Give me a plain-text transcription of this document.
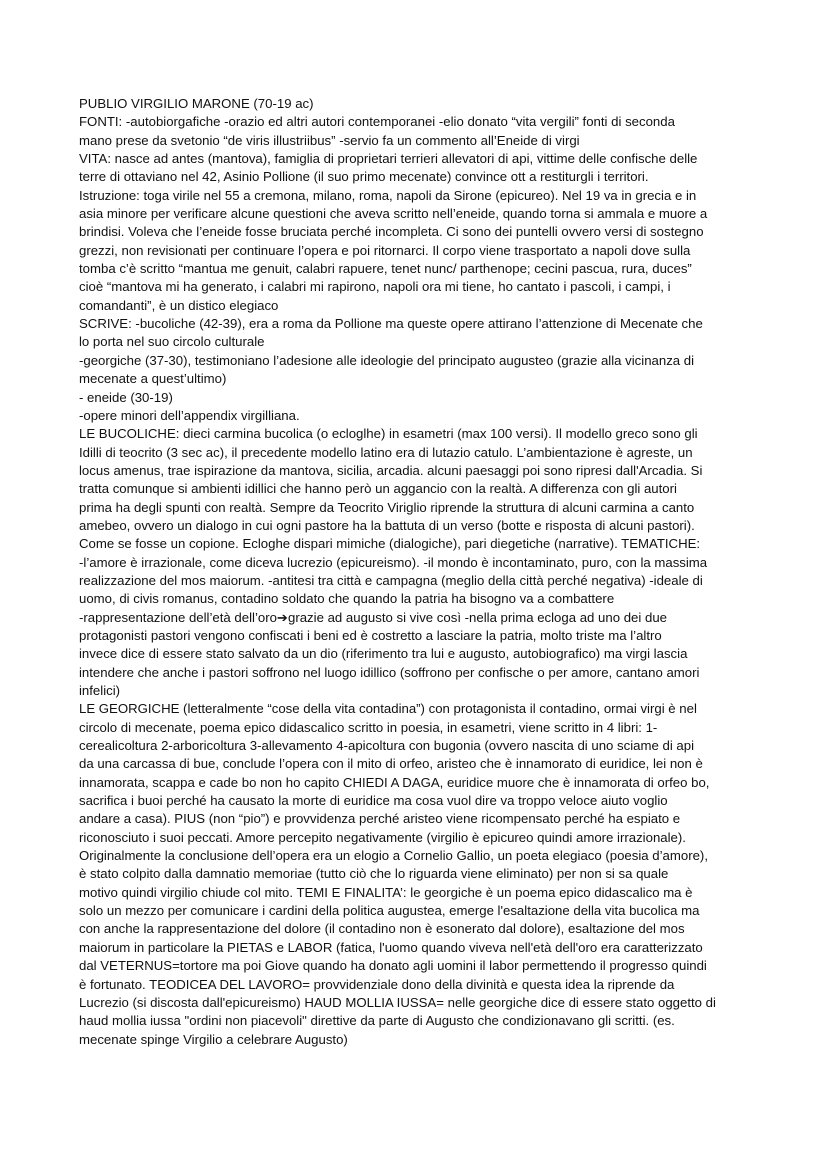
PUBLIO VIRGILIO MARONE (70-19 ac)

FONTI: -autobiorgafiche -orazio ed altri autori contemporanei -elio donato “vita vergili” fonti di seconda

mano prese da svetonio “de viris illustriibus” -servio fa un commento all’Eneide di virgi

VITA: nasce ad antes (mantova), famiglia di proprietari terrieri allevatori di api, vittime delle confische delle

terre di ottaviano nel 42, Asinio Pollione (il suo primo mecenate) convince ott a restiturgli i territori.

Istruzione: toga virile nel 55 a cremona, milano, roma, napoli da Sirone (epicureo). Nel 19 va in grecia e in

asia minore per verificare alcune questioni che aveva scritto nell’eneide, quando torna si ammala e muore a

brindisi. Voleva che l’eneide fosse bruciata perché incompleta. Ci sono dei puntelli ovvero versi di sostegno

grezzi, non revisionati per continuare l’opera e poi ritornarci. Il corpo viene trasportato a napoli dove sulla

tomba c’è scritto “mantua me genuit, calabri rapuere, tenet nunc/ parthenope; cecini pascua, rura, duces”

cioè “mantova mi ha generato, i calabri mi rapirono, napoli ora mi tiene, ho cantato i pascoli, i campi, i

comandanti”, è un distico elegiaco

SCRIVE: -bucoliche (42-39), era a roma da Pollione ma queste opere attirano l’attenzione di Mecenate che

lo porta nel suo circolo culturale

-georgiche (37-30), testimoniano l’adesione alle ideologie del principato augusteo (grazie alla vicinanza di

mecenate a quest’ultimo)

- eneide (30-19)

-opere minori dell’appendix virgilliana.

LE BUCOLICHE: dieci carmina bucolica (o ecloglhe) in esametri (max 100 versi). Il modello greco sono gli

Idilli di teocrito (3 sec ac), il precedente modello latino era di lutazio catulo. L’ambientazione è agreste, un

locus amenus, trae ispirazione da mantova, sicilia, arcadia. alcuni paesaggi poi sono ripresi dall'Arcadia. Si

tratta comunque si ambienti idillici che hanno però un aggancio con la realtà. A differenza con gli autori

prima ha degli spunti con realtà. Sempre da Teocrito Viriglio riprende la struttura di alcuni carmina a canto

amebeo, ovvero un dialogo in cui ogni pastore ha la battuta di un verso (botte e risposta di alcuni pastori).

Come se fosse un copione. Ecloghe dispari mimiche (dialogiche), pari diegetiche (narrative). TEMATICHE:

-l’amore è irrazionale, come diceva lucrezio (epicureismo). -il mondo è incontaminato, puro, con la massima

realizzazione del mos maiorum. -antitesi tra città e campagna (meglio della città perché negativa) -ideale di

uomo, di civis romanus, contadino soldato che quando la patria ha bisogno va a combattere

-rappresentazione dell’età dell’oro➔grazie ad augusto si vive così -nella prima ecloga ad uno dei due

protagonisti pastori vengono confiscati i beni ed è costretto a lasciare la patria, molto triste ma l’altro

invece dice di essere stato salvato da un dio (riferimento tra lui e augusto, autobiografico) ma virgi lascia

intendere che anche i pastori soffrono nel luogo idillico (soffrono per confische o per amore, cantano amori

infelici)

LE GEORGICHE (letteralmente “cose della vita contadina”) con protagonista il contadino, ormai virgi è nel

circolo di mecenate, poema epico didascalico scritto in poesia, in esametri, viene scritto in 4 libri: 1-

cerealicoltura 2-arboricoltura 3-allevamento 4-apicoltura con bugonia (ovvero nascita di uno sciame di api

da una carcassa di bue, conclude l’opera con il mito di orfeo, aristeo che è innamorato di euridice, lei non è

innamorata, scappa e cade bo non ho capito CHIEDI A DAGA, euridice muore che è innamorata di orfeo bo,

sacrifica i buoi perché ha causato la morte di euridice ma cosa vuol dire va troppo veloce aiuto voglio

andare a casa). PIUS (non “pio”) e provvidenza perché aristeo viene ricompensato perché ha espiato e

riconosciuto i suoi peccati. Amore percepito negativamente (virgilio è epicureo quindi amore irrazionale).

Originalmente la conclusione dell’opera era un elogio a Cornelio Gallio, un poeta elegiaco (poesia d’amore),

è stato colpito dalla damnatio memoriae (tutto ciò che lo riguarda viene eliminato) per non si sa quale

motivo quindi virgilio chiude col mito. TEMI E FINALITA’: le georgiche è un poema epico didascalico ma è

solo un mezzo per comunicare i cardini della politica augustea, emerge l'esaltazione della vita bucolica ma

con anche la rappresentazione del dolore (il contadino non è esonerato dal dolore), esaltazione del mos

maiorum in particolare la PIETAS e LABOR (fatica, l'uomo quando viveva nell'età dell'oro era caratterizzato

dal VETERNUS=tortore ma poi Giove quando ha donato agli uomini il labor permettendo il progresso quindi

è fortunato. TEODICEA DEL LAVORO= provvidenziale dono della divinità e questa idea la riprende da

Lucrezio (si discosta dall'epicureismo) HAUD MOLLIA IUSSA= nelle georgiche dice di essere stato oggetto di

haud mollia iussa "ordini non piacevoli" direttive da parte di Augusto che condizionavano gli scritti. (es.

mecenate spinge Virgilio a celebrare Augusto)
